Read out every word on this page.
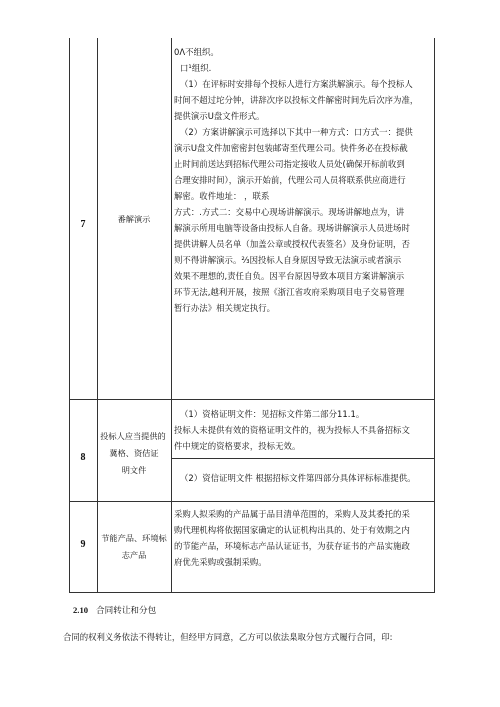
7	番解演示
0Λ不组织。
口¹组织.
（1）在评标时安排每个投标人进行方案洪解演示。每个投标人
时间不超过坨分钟，讲辞次序以投标文件解密时间先后次序为准，
提供演示U盘文件形式。
（2）方案讲解演示可选择以下其中一种方式：口方式一：提供
演示U盘文件加密密封包装邮寄至代理公司。快件务必在投标截
止时间前送达到招标代理公司指定接收人员处(确保开标前收到
合理安排时间），演示开始前，代理公司人员将联系供应商进行
解密。收件地址： ，联系
方式：.方式二：交易中心现场讲解演示。现场讲解地点为，讲
解演示所用电脑等设备由投标人自备。现场讲解演示人员进场时
提供讲解人员名单（加盖公章或授权代表签名）及身份证明，否
则不得讲解演示。⅔因投标人自身原因导致无法演示或者演示
效果不理想的,责任自负。因平台原因导致本项目方案讲解演示
环节无法,越利开展，按照《浙江省攻府采购项目电子交易管理
暂行办法》相关规定执行。
8
投标人应当提供的
冀格、资佶证
明文件
（1）资格证明文件：见招标文件第二部分11.1。
投标人未提供有效的资格证明文件的，视为投标人不具备招标文
件中规定的资格要求，投标无效。
（2）资信证明文件 根据招标文件第四部分具体评标标准提供。
9
节能产品、环境标
志产品
采购人拟采购的产品属于品目清单范围的，采购人及其委托的采
购代理机构将依据国家确定的认证机构出具的、处于有效期之内
的节能产品，环境标志产品认证证书，为获存证书的产品实施政
府优先采购或强制采购。
2.10 合同转让和分包
合同的权利义务依法不得转让，但经甲方同意，乙方可以依法臬取分包方式履行合同，印:
